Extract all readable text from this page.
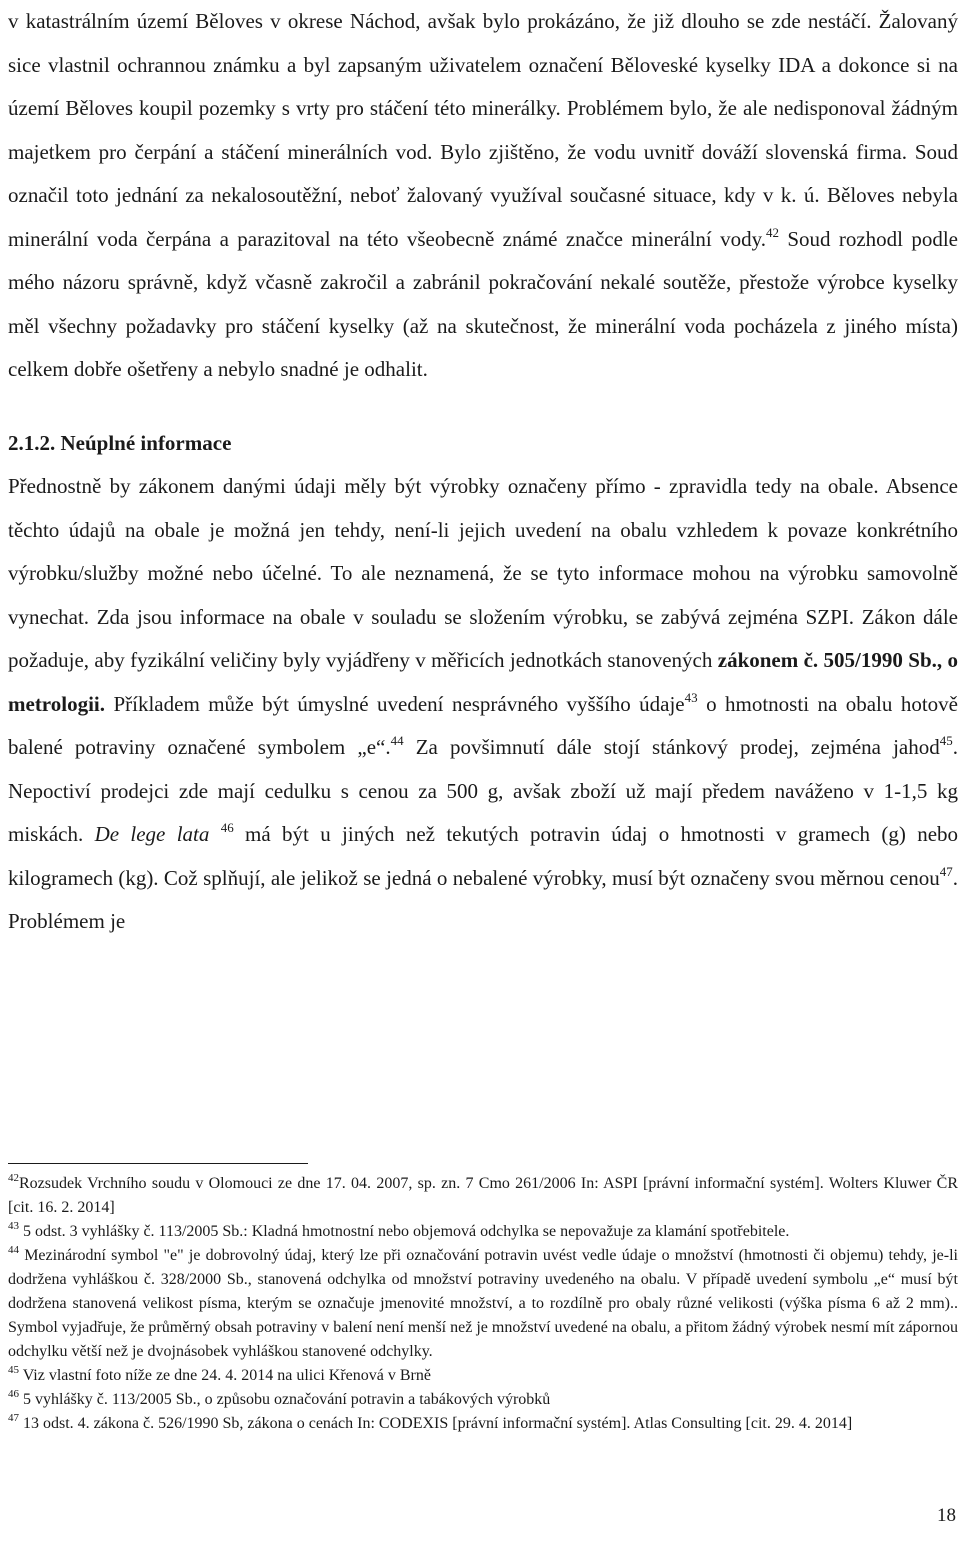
v katastrálním území Běloves v okrese Náchod, avšak bylo prokázáno, že již dlouho se zde nestáčí. Žalovaný sice vlastnil ochrannou známku a byl zapsaným uživatelem označení Běloveské kyselky IDA a dokonce si na území Běloves koupil pozemky s vrty pro stáčení této minerálky. Problémem bylo, že ale nedisponoval žádným majetkem pro čerpání a stáčení minerálních vod. Bylo zjištěno, že vodu uvnitř dováží slovenská firma. Soud označil toto jednání za nekalosoutěžní, neboť žalovaný využíval současné situace, kdy v k. ú. Běloves nebyla minerální voda čerpána a parazitoval na této všeobecně známé značce minerální vody.$^{42}$ Soud rozhodl podle mého názoru správně, když včasně zakročil a zabránil pokračování nekalé soutěže, přestože výrobce kyselky měl všechny požadavky pro stáčení kyselky (až na skutečnost, že minerální voda pocházela z jiného místa) celkem dobře ošetřeny a nebylo snadné je odhalit.

2.1.2. Neúplné informace

Přednostně by zákonem danými údaji měly být výrobky označeny přímo - zpravidla tedy na obale. Absence těchto údajů na obale je možná jen tehdy, není-li jejich uvedení na obalu vzhledem k povaze konkrétního výrobku/služby možné nebo účelné. To ale neznamená, že se tyto informace mohou na výrobku samovolně vynechat. Zda jsou informace na obale v souladu se složením výrobku, se zabývá zejména SZPI. Zákon dále požaduje, aby fyzikální veličiny byly vyjádřeny v měřicích jednotkách stanovených zákonem č. 505/1990 Sb., o metrologii. Příkladem může být úmyslné uvedení nesprávného vyššího údaje$^{43}$ o hmotnosti na obalu hotově balené potraviny označené symbolem „e“.$^{44}$ Za povšimnutí dále stojí stánkový prodej, zejména jahod$^{45}$. Nepoctiví prodejci zde mají cedulku s cenou za 500 g, avšak zboží už mají předem naváženo v 1-1,5 kg miskách. De lege lata $^{46}$ má být u jiných než tekutých potravin údaj o hmotnosti v gramech (g) nebo kilogramech (kg). Což splňují, ale jelikož se jedná o nebalené výrobky, musí být označeny svou měrnou cenou$^{47}$. Problémem je

$^{42}$Rozsudek Vrchního soudu v Olomouci ze dne 17. 04. 2007, sp. zn. 7 Cmo 261/2006 In: ASPI [právní informační systém]. Wolters Kluwer ČR [cit. 16. 2. 2014]

$^{43}$ 5 odst. 3 vyhlášky č. 113/2005 Sb.: Kladná hmotnostní nebo objemová odchylka se nepovažuje za klamání spotřebitele.

$^{44}$ Mezinárodní symbol "e" je dobrovolný údaj, který lze při označování potravin uvést vedle údaje o množství (hmotnosti či objemu) tehdy, je-li dodržena vyhláškou č. 328/2000 Sb., stanovená odchylka od množství potraviny uvedeného na obalu. V případě uvedení symbolu „e“ musí být dodržena stanovená velikost písma, kterým se označuje jmenovité množství, a to rozdílně pro obaly různé velikosti (výška písma 6 až 2 mm).. Symbol vyjadřuje, že průměrný obsah potraviny v balení není menší než je množství uvedené na obalu, a přitom žádný výrobek nesmí mít zápornou odchylku větší než je dvojnásobek vyhláškou stanovené odchylky.

$^{45}$ Viz vlastní foto níže ze dne 24. 4. 2014 na ulici Křenová v Brně

$^{46}$ 5 vyhlášky č. 113/2005 Sb., o způsobu označování potravin a tabákových výrobků

$^{47}$ 13 odst. 4. zákona č. 526/1990 Sb, zákona o cenách In: CODEXIS [právní informační systém]. Atlas Consulting [cit. 29. 4. 2014]

18
